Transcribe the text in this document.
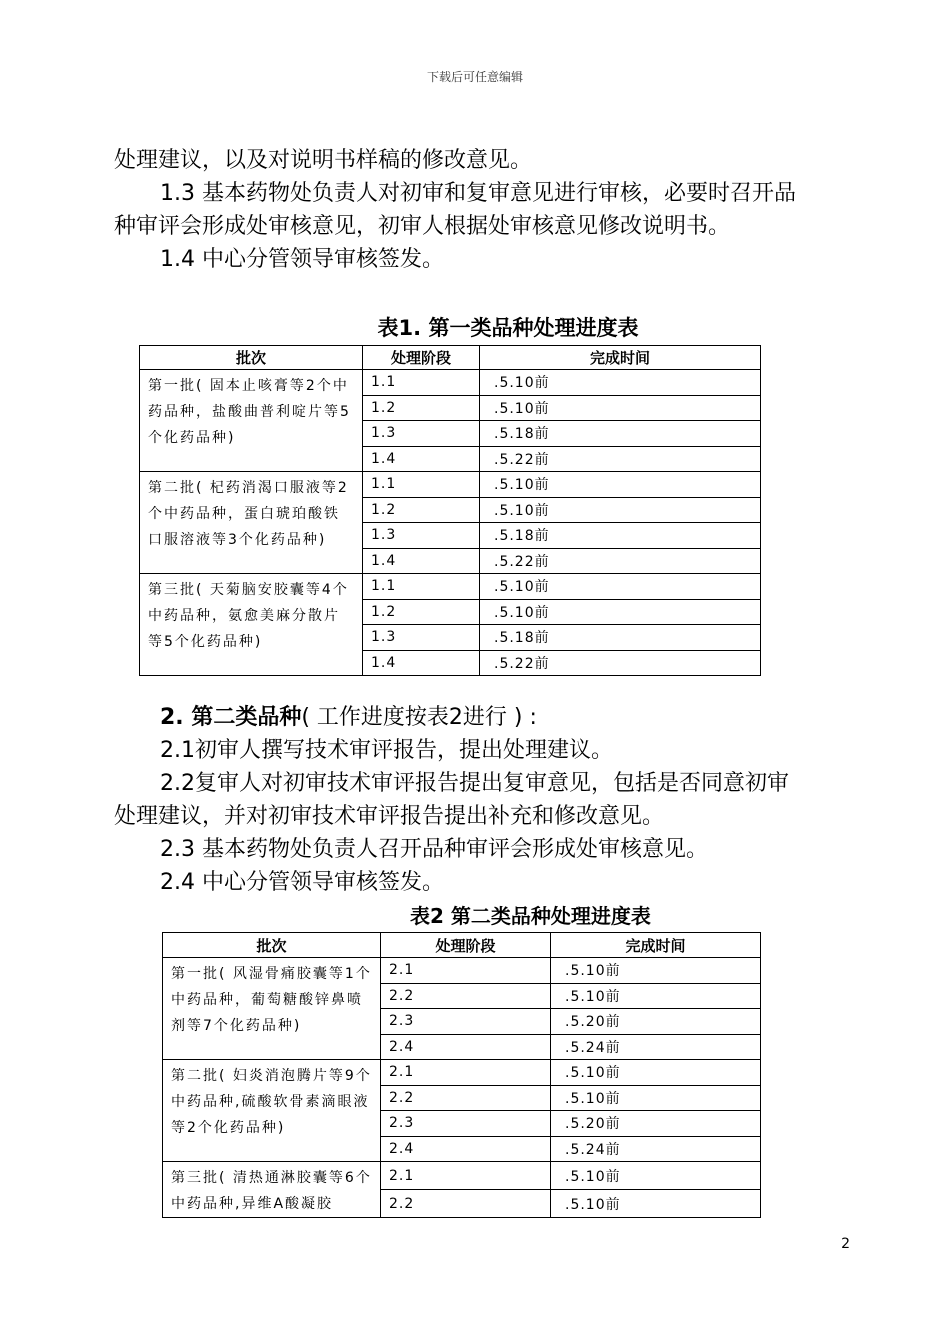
下载后可任意编辑
处理建议，以及对说明书样稿的修改意见。
1.3 基本药物处负责人对初审和复审意见进行审核，必要时召开品
种审评会形成处审核意见，初审人根据处审核意见修改说明书。
1.4 中心分管领导审核签发。
表1. 第一类品种处理进度表
批次	处理阶段	完成时间
第一批( 固本止咳膏等2个中药品种，盐酸曲普利啶片等5个化药品种)	1.1	.5.10前
	1.2	.5.10前
	1.3	.5.18前
	1.4	.5.22前
第二批( 杞药消渴口服液等2个中药品种，蛋白琥珀酸铁口服溶液等3个化药品种)	1.1	.5.10前
	1.2	.5.10前
	1.3	.5.18前
	1.4	.5.22前
第三批( 天菊脑安胶囊等4个中药品种，氨愈美麻分散片等5个化药品种)	1.1	.5.10前
	1.2	.5.10前
	1.3	.5.18前
	1.4	.5.22前
2. 第二类品种( 工作进度按表2进行 ) :
2.1初审人撰写技术审评报告，提出处理建议。
2.2复审人对初审技术审评报告提出复审意见，包括是否同意初审
处理建议，并对初审技术审评报告提出补充和修改意见。
2.3 基本药物处负责人召开品种审评会形成处审核意见。
2.4 中心分管领导审核签发。
表2 第二类品种处理进度表
批次	处理阶段	完成时间
第一批( 风湿骨痛胶囊等1个中药品种，葡萄糖酸锌鼻喷剂等7个化药品种)	2.1	.5.10前
	2.2	.5.10前
	2.3	.5.20前
	2.4	.5.24前
第二批( 妇炎消泡腾片等9个中药品种,硫酸软骨素滴眼液等2个化药品种)	2.1	.5.10前
	2.2	.5.10前
	2.3	.5.20前
	2.4	.5.24前
第三批( 清热通淋胶囊等6个中药品种,异维A酸凝胶	2.1	.5.10前
	2.2	.5.10前
2
